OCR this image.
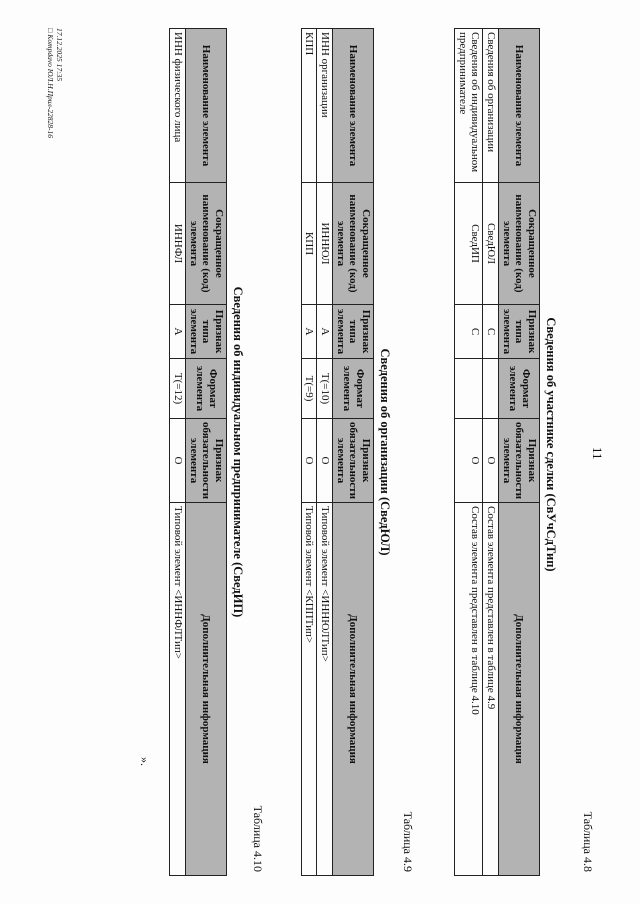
11
Таблица 4.8
Сведения об участнике сделки (СвУчСдТип)
Наименование элемента	Сокращенное наименование (код) элемента	Признак типа элемента	Формат элемента	Признак обязательности элемента	Дополнительная информация
Сведения об организации	СведЮЛ	С		О	Состав элемента представлен в таблице 4.9
Сведения об индивидуальном предпринимателе	СведИП	С		О	Состав элемента представлен в таблице 4.10
Таблица 4.9
Сведения об организации (СведЮЛ)
Наименование элемента	Сокращенное наименование (код) элемента	Признак типа элемента	Формат элемента	Признак обязательности элемента	Дополнительная информация
ИНН организации	ИННЮЛ	А	T(=10)	О	Типовой элемент <ИННЮЛТип>
КПП	КПП	А	T(=9)	О	Типовой элемент <КППТип>
Таблица 4.10
Сведения об индивидуальном предпринимателе (СведИП)
Наименование элемента	Сокращенное наименование (код) элемента	Признак типа элемента	Формат элемента	Признак обязательности элемента	Дополнительная информация
ИНН физического лица	ИННФЛ	А	T(=12)	О	Типовой элемент <ИННФЛТип>
».
17.12.2025 17:35
□ Kompdavo ЮЛ.Н.Прил-22828-16
